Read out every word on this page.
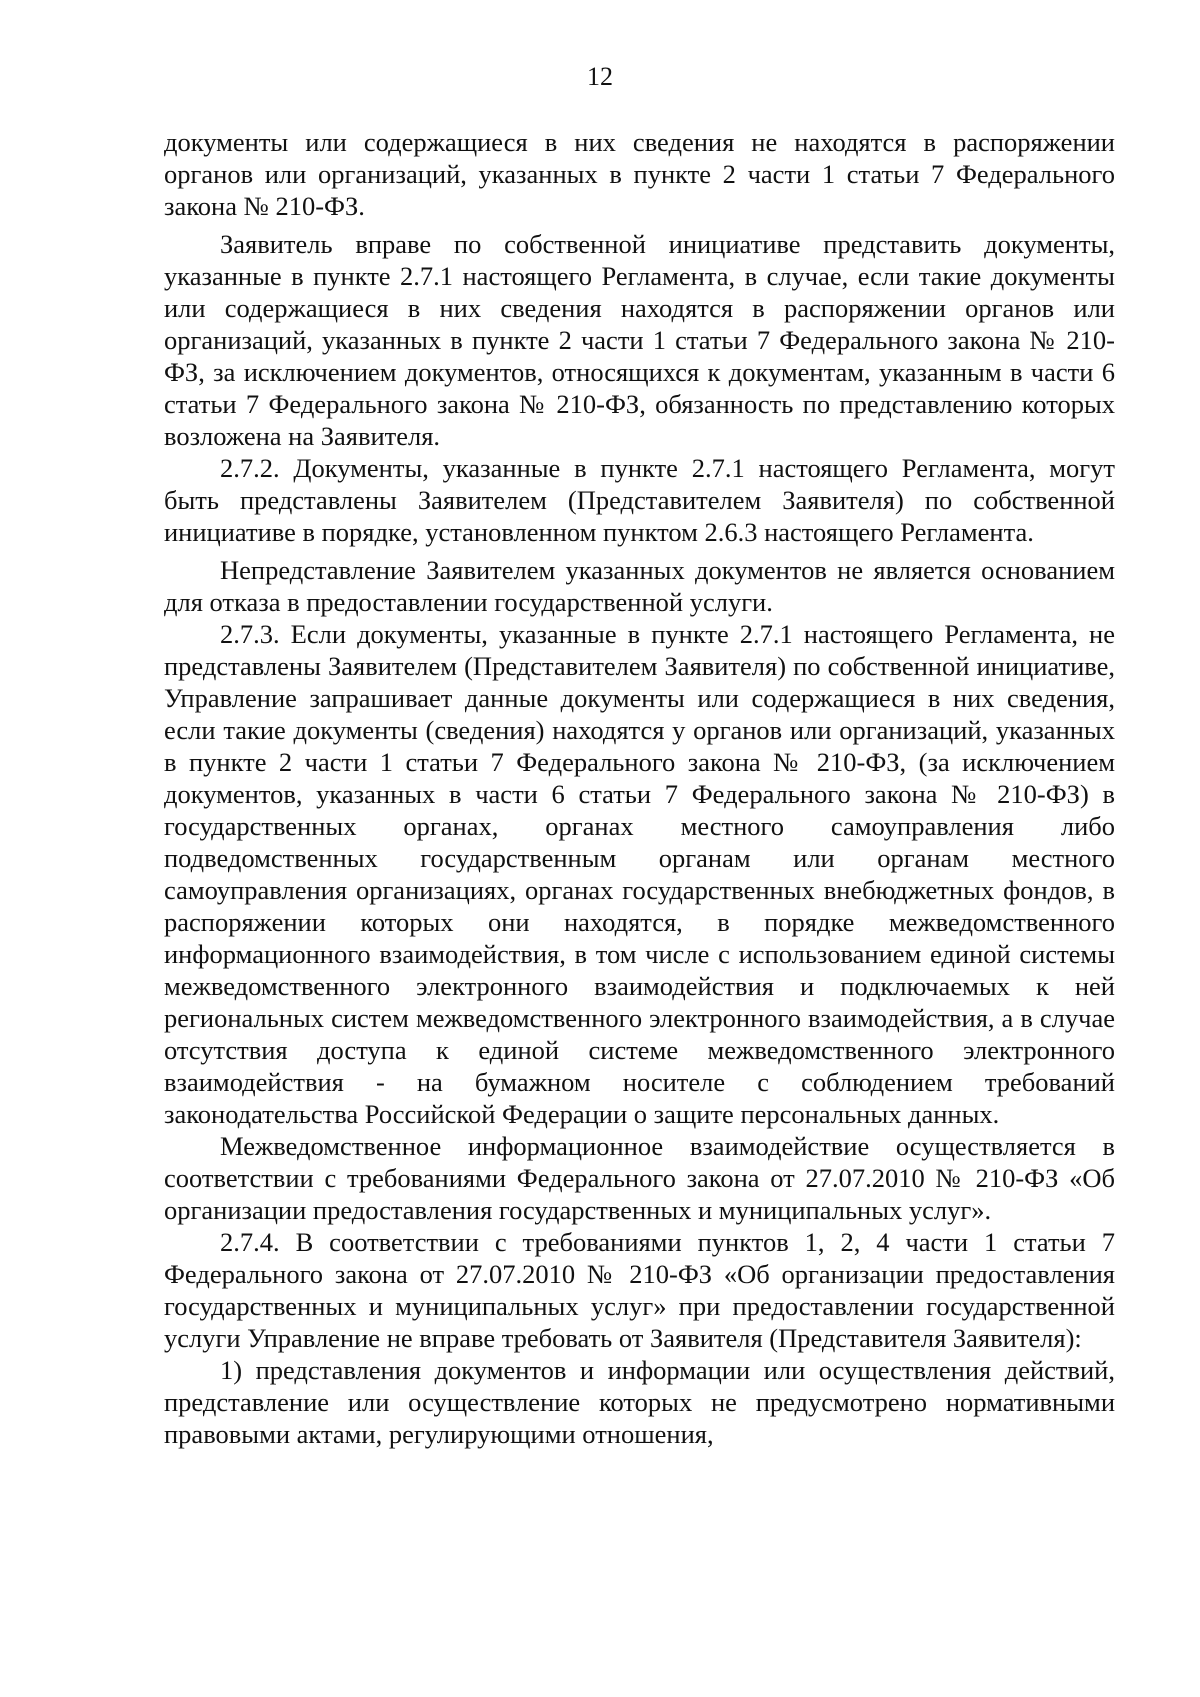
12

документы или содержащиеся в них сведения не находятся в распоряжении органов или организаций, указанных в пункте 2 части 1 статьи 7 Федерального закона № 210-ФЗ.

Заявитель вправе по собственной инициативе представить документы, указанные в пункте 2.7.1 настоящего Регламента, в случае, если такие документы или содержащиеся в них сведения находятся в распоряжении органов или организаций, указанных в пункте 2 части 1 статьи 7 Федерального закона № 210-ФЗ, за исключением документов, относящихся к документам, указанным в части 6 статьи 7 Федерального закона № 210-ФЗ, обязанность по представлению которых возложена на Заявителя.

2.7.2. Документы, указанные в пункте 2.7.1 настоящего Регламента, могут быть представлены Заявителем (Представителем Заявителя) по собственной инициативе в порядке, установленном пунктом 2.6.3 настоящего Регламента.

Непредставление Заявителем указанных документов не является основанием для отказа в предоставлении государственной услуги.

2.7.3. Если документы, указанные в пункте 2.7.1 настоящего Регламента, не представлены Заявителем (Представителем Заявителя) по собственной инициативе, Управление запрашивает данные документы или содержащиеся в них сведения, если такие документы (сведения) находятся у органов или организаций, указанных в пункте 2 части 1 статьи 7 Федерального закона № 210-ФЗ, (за исключением документов, указанных в части 6 статьи 7 Федерального закона № 210-ФЗ) в государственных органах, органах местного самоуправления либо подведомственных государственным органам или органам местного самоуправления организациях, органах государственных внебюджетных фондов, в распоряжении которых они находятся, в порядке межведомственного информационного взаимодействия, в том числе с использованием единой системы межведомственного электронного взаимодействия и подключаемых к ней региональных систем межведомственного электронного взаимодействия, а в случае отсутствия доступа к единой системе межведомственного электронного взаимодействия - на бумажном носителе с соблюдением требований законодательства Российской Федерации о защите персональных данных.

Межведомственное информационное взаимодействие осуществляется в соответствии с требованиями Федерального закона от 27.07.2010 № 210-ФЗ «Об организации предоставления государственных и муниципальных услуг».

2.7.4. В соответствии с требованиями пунктов 1, 2, 4 части 1 статьи 7 Федерального закона от 27.07.2010 № 210-ФЗ «Об организации предоставления государственных и муниципальных услуг» при предоставлении государственной услуги Управление не вправе требовать от Заявителя (Представителя Заявителя):

1) представления документов и информации или осуществления действий, представление или осуществление которых не предусмотрено нормативными правовыми актами, регулирующими отношения,
